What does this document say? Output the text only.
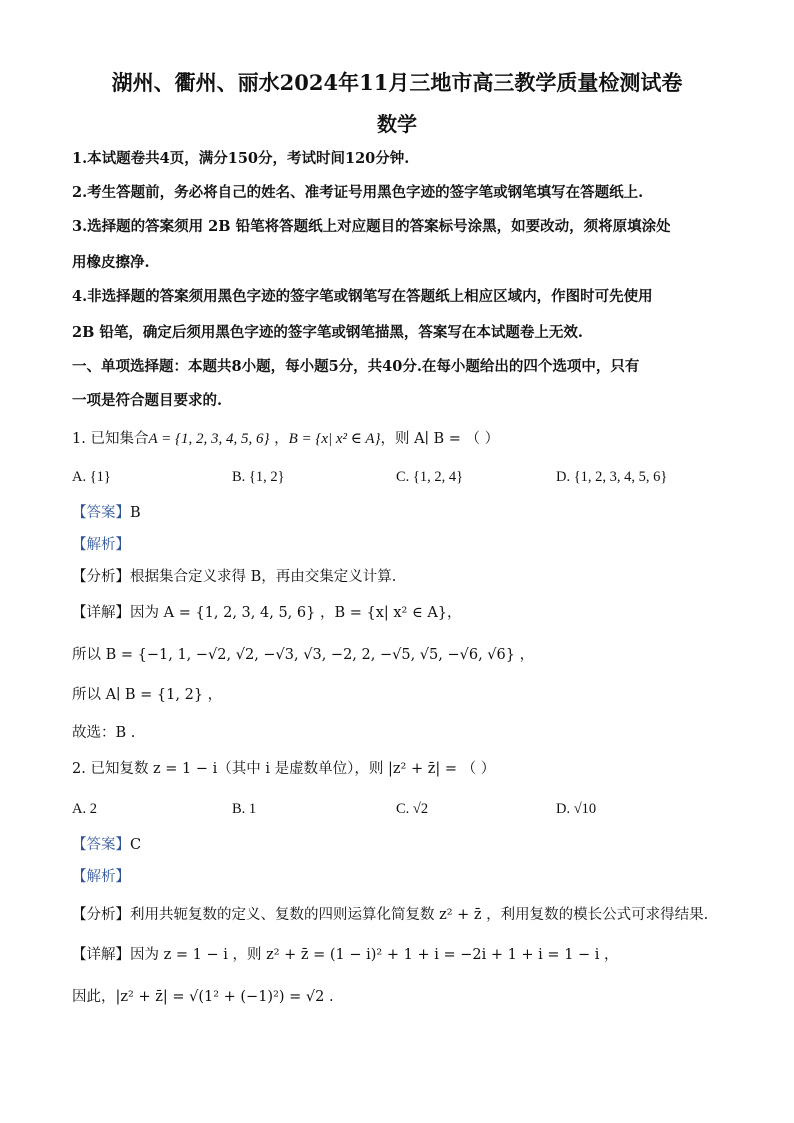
湖州、衢州、丽水2024年11月三地市高三教学质量检测试卷
数学
1.本试题卷共4页，满分150分，考试时间120分钟.
2.考生答题前，务必将自己的姓名、准考证号用黑色字迹的签字笔或钢笔填写在答题纸上.
3.选择题的答案须用 2B 铅笔将答题纸上对应题目的答案标号涂黑，如要改动，须将原填涂处
用橡皮擦净.
4.非选择题的答案须用黑色字迹的签字笔或钢笔写在答题纸上相应区域内，作图时可先使用
2B 铅笔，确定后须用黑色字迹的签字笔或钢笔描黑，答案写在本试题卷上无效.
一、单项选择题：本题共8小题，每小题5分，共40分.在每小题给出的四个选项中，只有
一项是符合题目要求的.
1. 已知集合A = {1, 2, 3, 4, 5, 6} ，B = {x| x² ∈ A}，则 A∣ B = （ ）
A. {1}	B. {1, 2}	C. {1, 2, 4}	D. {1, 2, 3, 4, 5, 6}
【答案】B
【解析】
【分析】根据集合定义求得 B，再由交集定义计算.
【详解】因为 A = {1, 2, 3, 4, 5, 6} ，B = {x| x² ∈ A}，
所以 B = {−1, 1, −√2, √2, −√3, √3, −2, 2, −√5, √5, −√6, √6} ，
所以 A∣ B = {1, 2} ，
故选：B .
2. 已知复数 z = 1 − i（其中 i 是虚数单位），则 |z² + z̄| = （ ）
A. 2	B. 1	C. √2	D. √10
【答案】C
【解析】
【分析】利用共轭复数的定义、复数的四则运算化简复数 z² + z̄ ，利用复数的模长公式可求得结果.
【详解】因为 z = 1 − i ，则 z² + z̄ = (1 − i)² + 1 + i = −2i + 1 + i = 1 − i ，
因此，|z² + z̄| = √(1² + (−1)²) = √2 .
